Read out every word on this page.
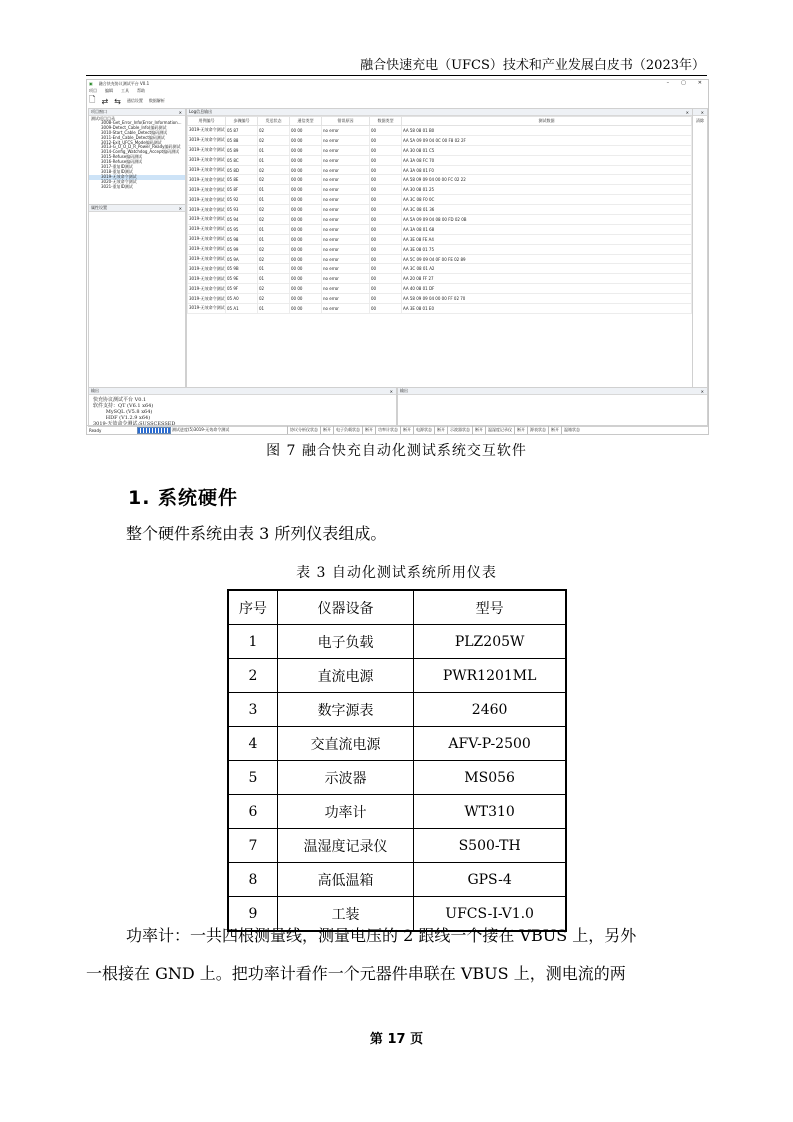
融合快速充电（UFCS）技术和产业发展白皮书（2023年）
▣ 融合快充协议测试平台 V0.1	– ▢ ✕
项目 编辑 工具 帮助
🗋 ⇄ ⇆ 通信设置 数据解析
项目窗口	✕
测试项目目录
3008-Get_Error_Info(Error_Information...
3009-Detect_Cable_Info(编码测试
3010-Start_Cable_Detect编码测试
3011-End_Cable_Detect编码测试
3012-Exit_UFCS_Mode编码测试
3013-G_O_O_D_R_Power_Ready编码测试
3014-Config_Watchdog_Accept编码测试
3015-Refuse编码测试
3016-Refuse编码测试
3017-重复ID测试
3018-重复ID测试
3019-无效命令测试
3020-无效命令测试
3021-重复ID测试
属性设置	✕
Log信息输出	✕
用例编号	步骤编号	发送状态	通信类型	错误原因	数据类型	测试数据
3019-无效命令测试	05 87	02	00 00	no error	00	AA 58 08 01 B0
3019-无效命令测试	05 88	02	00 00	no error	00	AA 5A 09 09 04 0C 00 F8 02 2F
3019-无效命令测试	05 89	01	00 00	no error	00	AA 30 08 01 C5
3019-无效命令测试	05 8C	01	00 00	no error	00	AA 3A 08 FC 70
3019-无效命令测试	05 8D	02	00 00	no error	00	AA 3A 08 01 F0
3019-无效命令测试	05 8E	02	00 00	no error	00	AA 58 09 09 04 00 00 FC 02 22
3019-无效命令测试	05 8F	01	00 00	no error	00	AA 30 08 01 25
3019-无效命令测试	05 92	01	00 00	no error	00	AA 3C 08 F0 0C
3019-无效命令测试	05 93	02	00 00	no error	00	AA 3C 08 01 36
3019-无效命令测试	05 94	02	00 00	no error	00	AA 5A 09 09 04 08 00 FD 02 0B
3019-无效命令测试	05 95	01	00 00	no error	00	AA 3A 08 01 68
3019-无效命令测试	05 98	01	00 00	no error	00	AA 3E 08 FE A4
3019-无效命令测试	05 99	02	00 00	no error	00	AA 3E 08 01 75
3019-无效命令测试	05 9A	02	00 00	no error	00	AA 5C 09 09 04 0F 00 FE 02 89
3019-无效命令测试	05 9B	01	00 00	no error	00	AA 3C 08 01 A2
3019-无效命令测试	05 9E	01	00 00	no error	00	AA 20 08 FF 27
3019-无效命令测试	05 9F	02	00 00	no error	00	AA 40 08 01 DF
3019-无效命令测试	05 A0	02	00 00	no error	00	AA 58 09 09 04 00 00 FF 02 70
3019-无效命令测试	05 A1	01	00 00	no error	00	AA 3E 08 01 E0
✕
清除
输出	✕
快充协议测试平台 V0.1
软件支持：QT (V6.1 x64)
MySQL (V5.8 x64)
HDF (V1.2.9 x64)
3019-无效命令测试:SUSSCESSED
输出	✕
Ready	测试进度(5)3019-无效命令测试	协议分析仪状态	断开	电子负载状态	断开	功率计状态	断开	电源状态	断开	示波器状态	断开	温湿度记录仪	断开	源表状态	断开	温箱状态
图 7 融合快充自动化测试系统交互软件
1. 系统硬件
整个硬件系统由表 3 所列仪表组成。
表 3 自动化测试系统所用仪表
序号	仪器设备	型号
1	电子负载	PLZ205W
2	直流电源	PWR1201ML
3	数字源表	2460
4	交直流电源	AFV-P-2500
5	示波器	MS056
6	功率计	WT310
7	温湿度记录仪	S500-TH
8	高低温箱	GPS-4
9	工装	UFCS-I-V1.0
功率计：一共四根测量线，测量电压的 2 跟线一个接在 VBUS 上，另外
一根接在 GND 上。把功率计看作一个元器件串联在 VBUS 上，测电流的两
第 17 页
